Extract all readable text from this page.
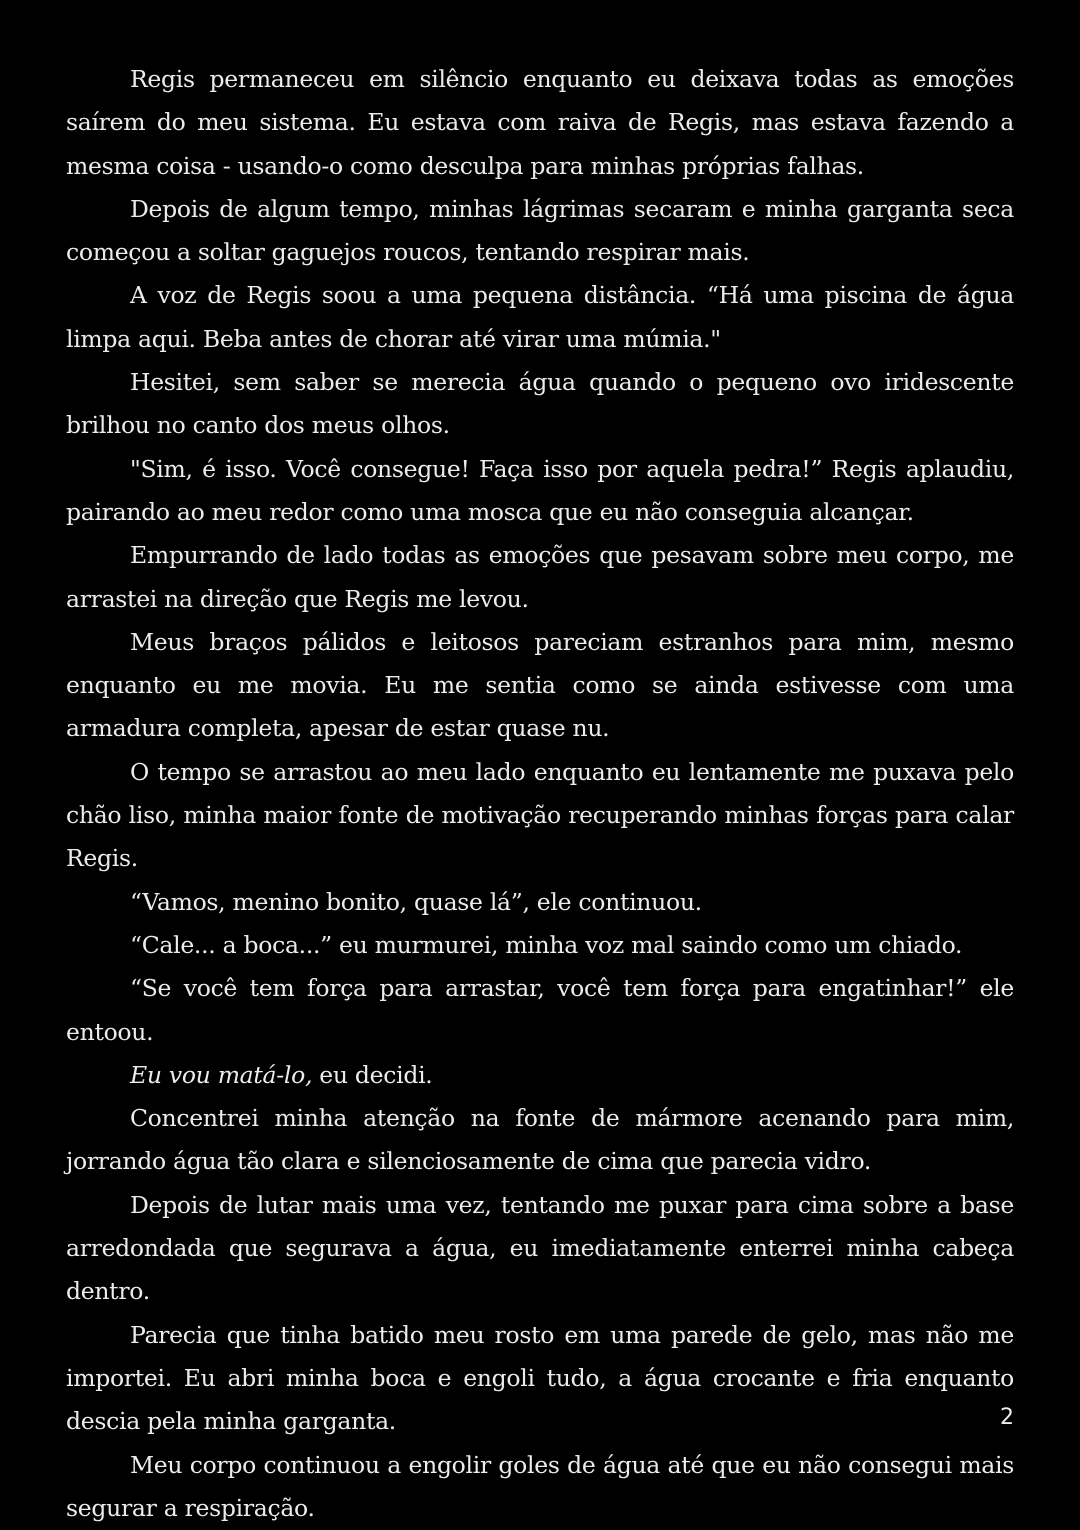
Regis permaneceu em silêncio enquanto eu deixava todas as emoções saírem do meu sistema. Eu estava com raiva de Regis, mas estava fazendo a mesma coisa - usando-o como desculpa para minhas próprias falhas.

Depois de algum tempo, minhas lágrimas secaram e minha garganta seca começou a soltar gaguejos roucos, tentando respirar mais.

A voz de Regis soou a uma pequena distância. “Há uma piscina de água limpa aqui. Beba antes de chorar até virar uma múmia."

Hesitei, sem saber se merecia água quando o pequeno ovo iridescente brilhou no canto dos meus olhos.

"Sim, é isso. Você consegue! Faça isso por aquela pedra!” Regis aplaudiu, pairando ao meu redor como uma mosca que eu não conseguia alcançar.

Empurrando de lado todas as emoções que pesavam sobre meu corpo, me arrastei na direção que Regis me levou.

Meus braços pálidos e leitosos pareciam estranhos para mim, mesmo enquanto eu me movia. Eu me sentia como se ainda estivesse com uma armadura completa, apesar de estar quase nu.

O tempo se arrastou ao meu lado enquanto eu lentamente me puxava pelo chão liso, minha maior fonte de motivação recuperando minhas forças para calar Regis.

“Vamos, menino bonito, quase lá”, ele continuou.

“Cale... a boca...” eu murmurei, minha voz mal saindo como um chiado.

“Se você tem força para arrastar, você tem força para engatinhar!” ele entoou.

Eu vou matá-lo, eu decidi.

Concentrei minha atenção na fonte de mármore acenando para mim, jorrando água tão clara e silenciosamente de cima que parecia vidro.

Depois de lutar mais uma vez, tentando me puxar para cima sobre a base arredondada que segurava a água, eu imediatamente enterrei minha cabeça dentro.

Parecia que tinha batido meu rosto em uma parede de gelo, mas não me importei. Eu abri minha boca e engoli tudo, a água crocante e fria enquanto descia pela minha garganta.

Meu corpo continuou a engolir goles de água até que eu não consegui mais segurar a respiração.

2
